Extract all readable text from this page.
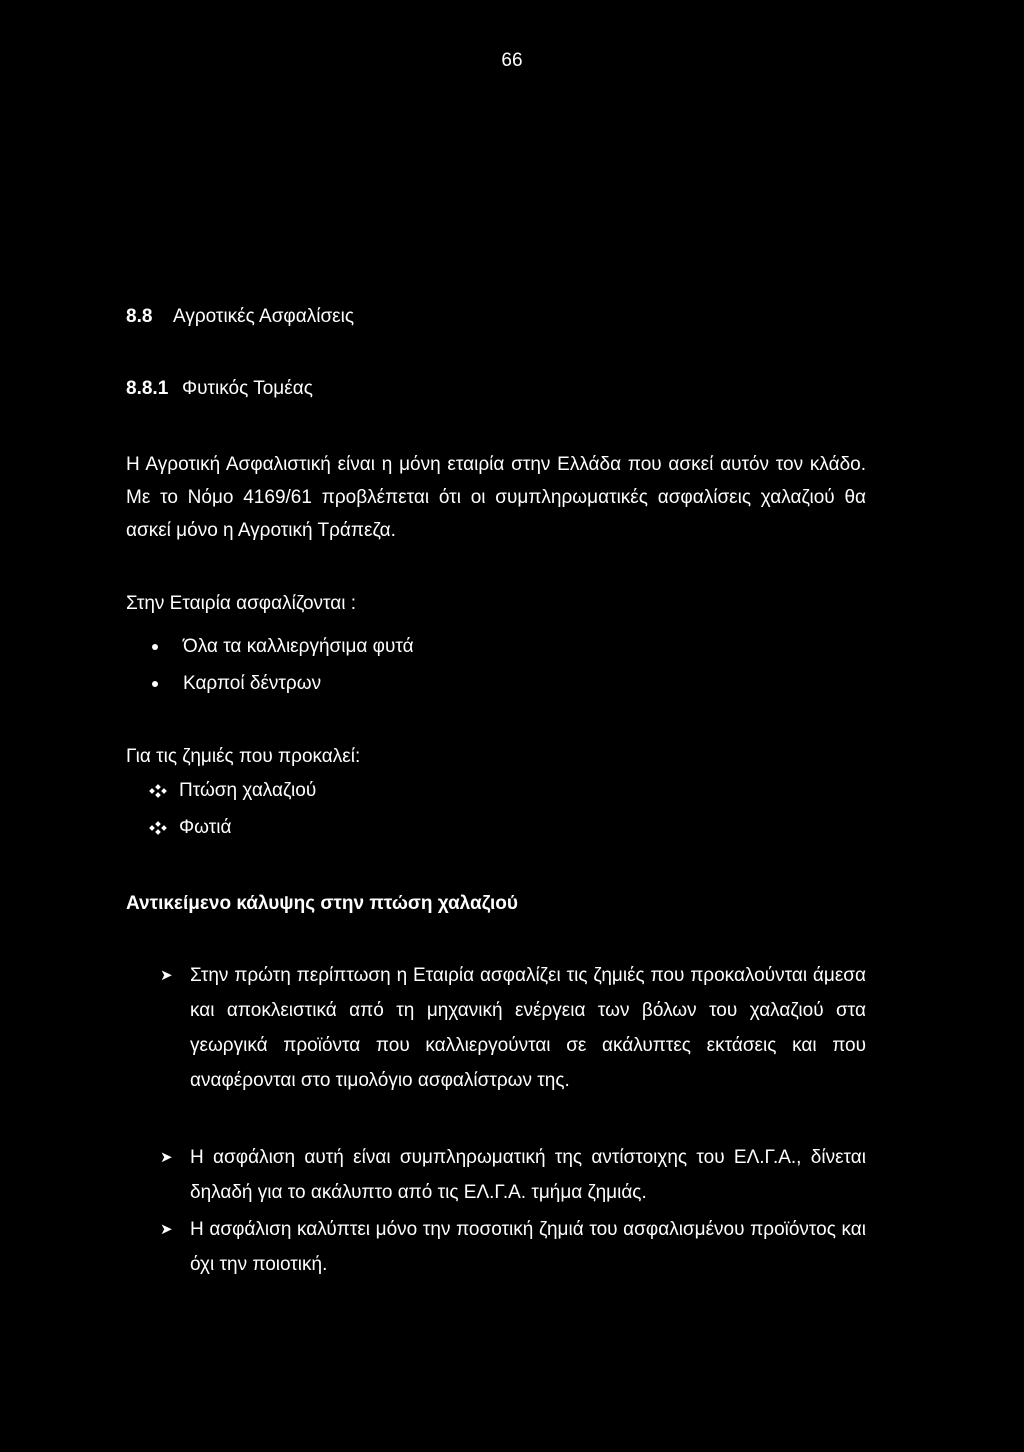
66
8.8 Αγροτικές Ασφαλίσεις
8.8.1 Φυτικός Τομέας
Η Αγροτική Ασφαλιστική είναι η μόνη εταιρία στην Ελλάδα που ασκεί αυτόν τον κλάδο. Με το Νόμο 4169/61 προβλέπεται ότι οι συμπληρωματικές ασφαλίσεις χαλαζιού θα ασκεί μόνο η Αγροτική Τράπεζα.
Στην Εταιρία ασφαλίζονται :
Όλα τα καλλιεργήσιμα φυτά
Καρποί δέντρων
Για τις ζημιές που προκαλεί:
Πτώση χαλαζιού
Φωτιά
Αντικείμενο κάλυψης στην πτώση χαλαζιού
➤ Στην πρώτη περίπτωση η Εταιρία ασφαλίζει τις ζημιές που προκαλούνται άμεσα και αποκλειστικά από τη μηχανική ενέργεια των βόλων του χαλαζιού στα γεωργικά προϊόντα που καλλιεργούνται σε ακάλυπτες εκτάσεις και που αναφέρονται στο τιμολόγιο ασφαλίστρων της.
➤ Η ασφάλιση αυτή είναι συμπληρωματική της αντίστοιχης του ΕΛ.Γ.Α., δίνεται δηλαδή για το ακάλυπτο από τις ΕΛ.Γ.Α. τμήμα ζημιάς.
➤ Η ασφάλιση καλύπτει μόνο την ποσοτική ζημιά του ασφαλισμένου προϊόντος και όχι την ποιοτική.
